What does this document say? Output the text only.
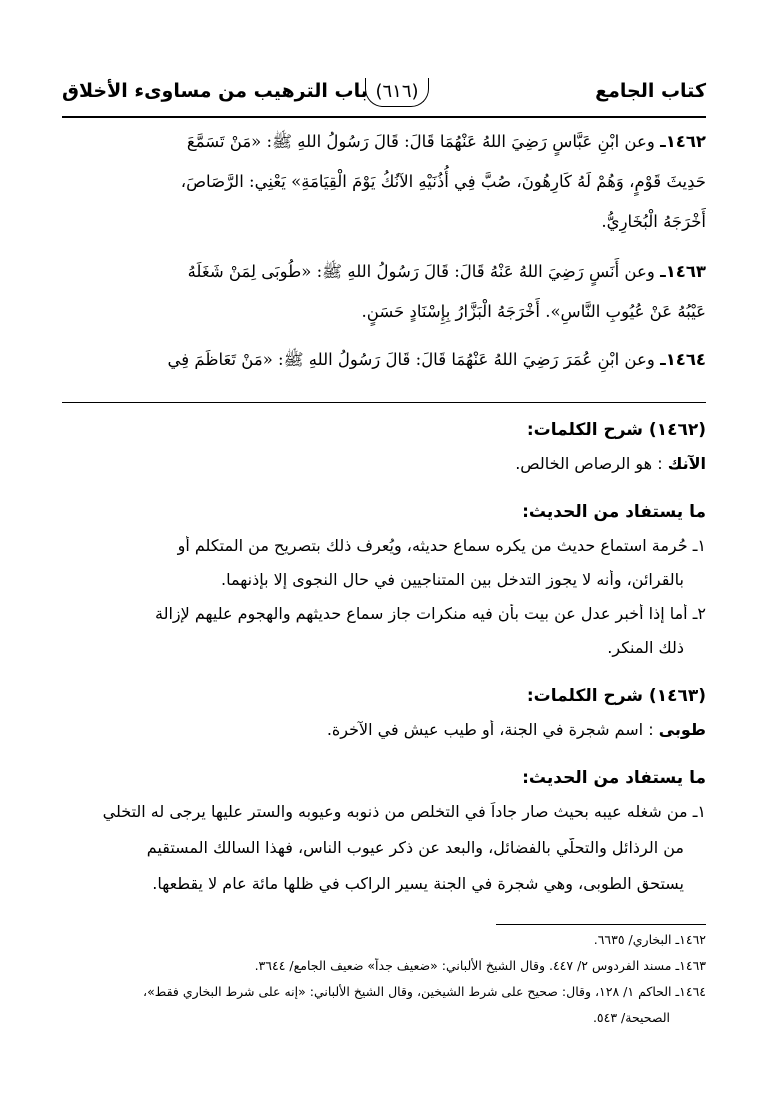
كتاب الجامع
(٦١٦)
باب الترهيب من مساوىء الأخلاق
١٤٦٢ـ وعن ابْنِ عَبَّاسٍ رَضِيَ اللهُ عَنْهُمَا قَالَ: قَالَ رَسُولُ اللهِ ﷺ: «مَنْ تَسَمَّعَ
حَدِيثَ قَوْمٍ، وَهُمْ لَهُ كَارِهُونَ، صُبَّ فِي أُذُنَيْهِ الآنُكُ يَوْمَ الْقِيَامَةِ» يَعْنِي: الرَّصَاصَ،
أَخْرَجَهُ الْبُخَارِيُّ.
١٤٦٣ـ وعن أَنَسٍ رَضِيَ اللهُ عَنْهُ قَالَ: قَالَ رَسُولُ اللهِ ﷺ: «طُوبَى لِمَنْ شَغَلَهُ
عَيْبُهُ عَنْ عُيُوبِ النَّاسِ». أَخْرَجَهُ الْبَزَّارُ بِإِسْنَادٍ حَسَنٍ.
١٤٦٤ـ وعن ابْنِ عُمَرَ رَضِيَ اللهُ عَنْهُمَا قَالَ: قَالَ رَسُولُ اللهِ ﷺ: «مَنْ تَعَاظَمَ فِي
(١٤٦٢) شرح الكلمات:
الآنك : هو الرصاص الخالص.
ما يستفاد من الحديث:
١ـ حُرمة استماع حديث من يكره سماع حديثه، ويُعرف ذلك بتصريح من المتكلم أو
بالقرائن، وأنه لا يجوز التدخل بين المتناجيين في حال النجوى إلا بإذنهما.
٢ـ أما إذا أخبر عدل عن بيت بأن فيه منكرات جاز سماع حديثهم والهجوم عليهم لإزالة
ذلك المنكر.
(١٤٦٣) شرح الكلمات:
طوبى : اسم شجرة في الجنة، أو طيب عيش في الآخرة.
ما يستفاد من الحديث:
١ـ من شغله عيبه بحيث صار جاداً في التخلص من ذنوبه وعيوبه والستر عليها يرجى له التخلي
من الرذائل والتحلّي بالفضائل، والبعد عن ذكر عيوب الناس، فهذا السالك المستقيم
يستحق الطوبى، وهي شجرة في الجنة يسير الراكب في ظلها مائة عام لا يقطعها.
١٤٦٢ـ البخاري/ ٦٦٣٥.
١٤٦٣ـ مسند الفردوس ٢/ ٤٤٧. وقال الشيخ الألباني: «ضعيف جداً» ضعيف الجامع/ ٣٦٤٤.
١٤٦٤ـ الحاكم ١/ ١٢٨، وقال: صحيح على شرط الشيخين، وقال الشيخ الألباني: «إنه على شرط البخاري فقط»،
الصحيحة/ ٥٤٣.
